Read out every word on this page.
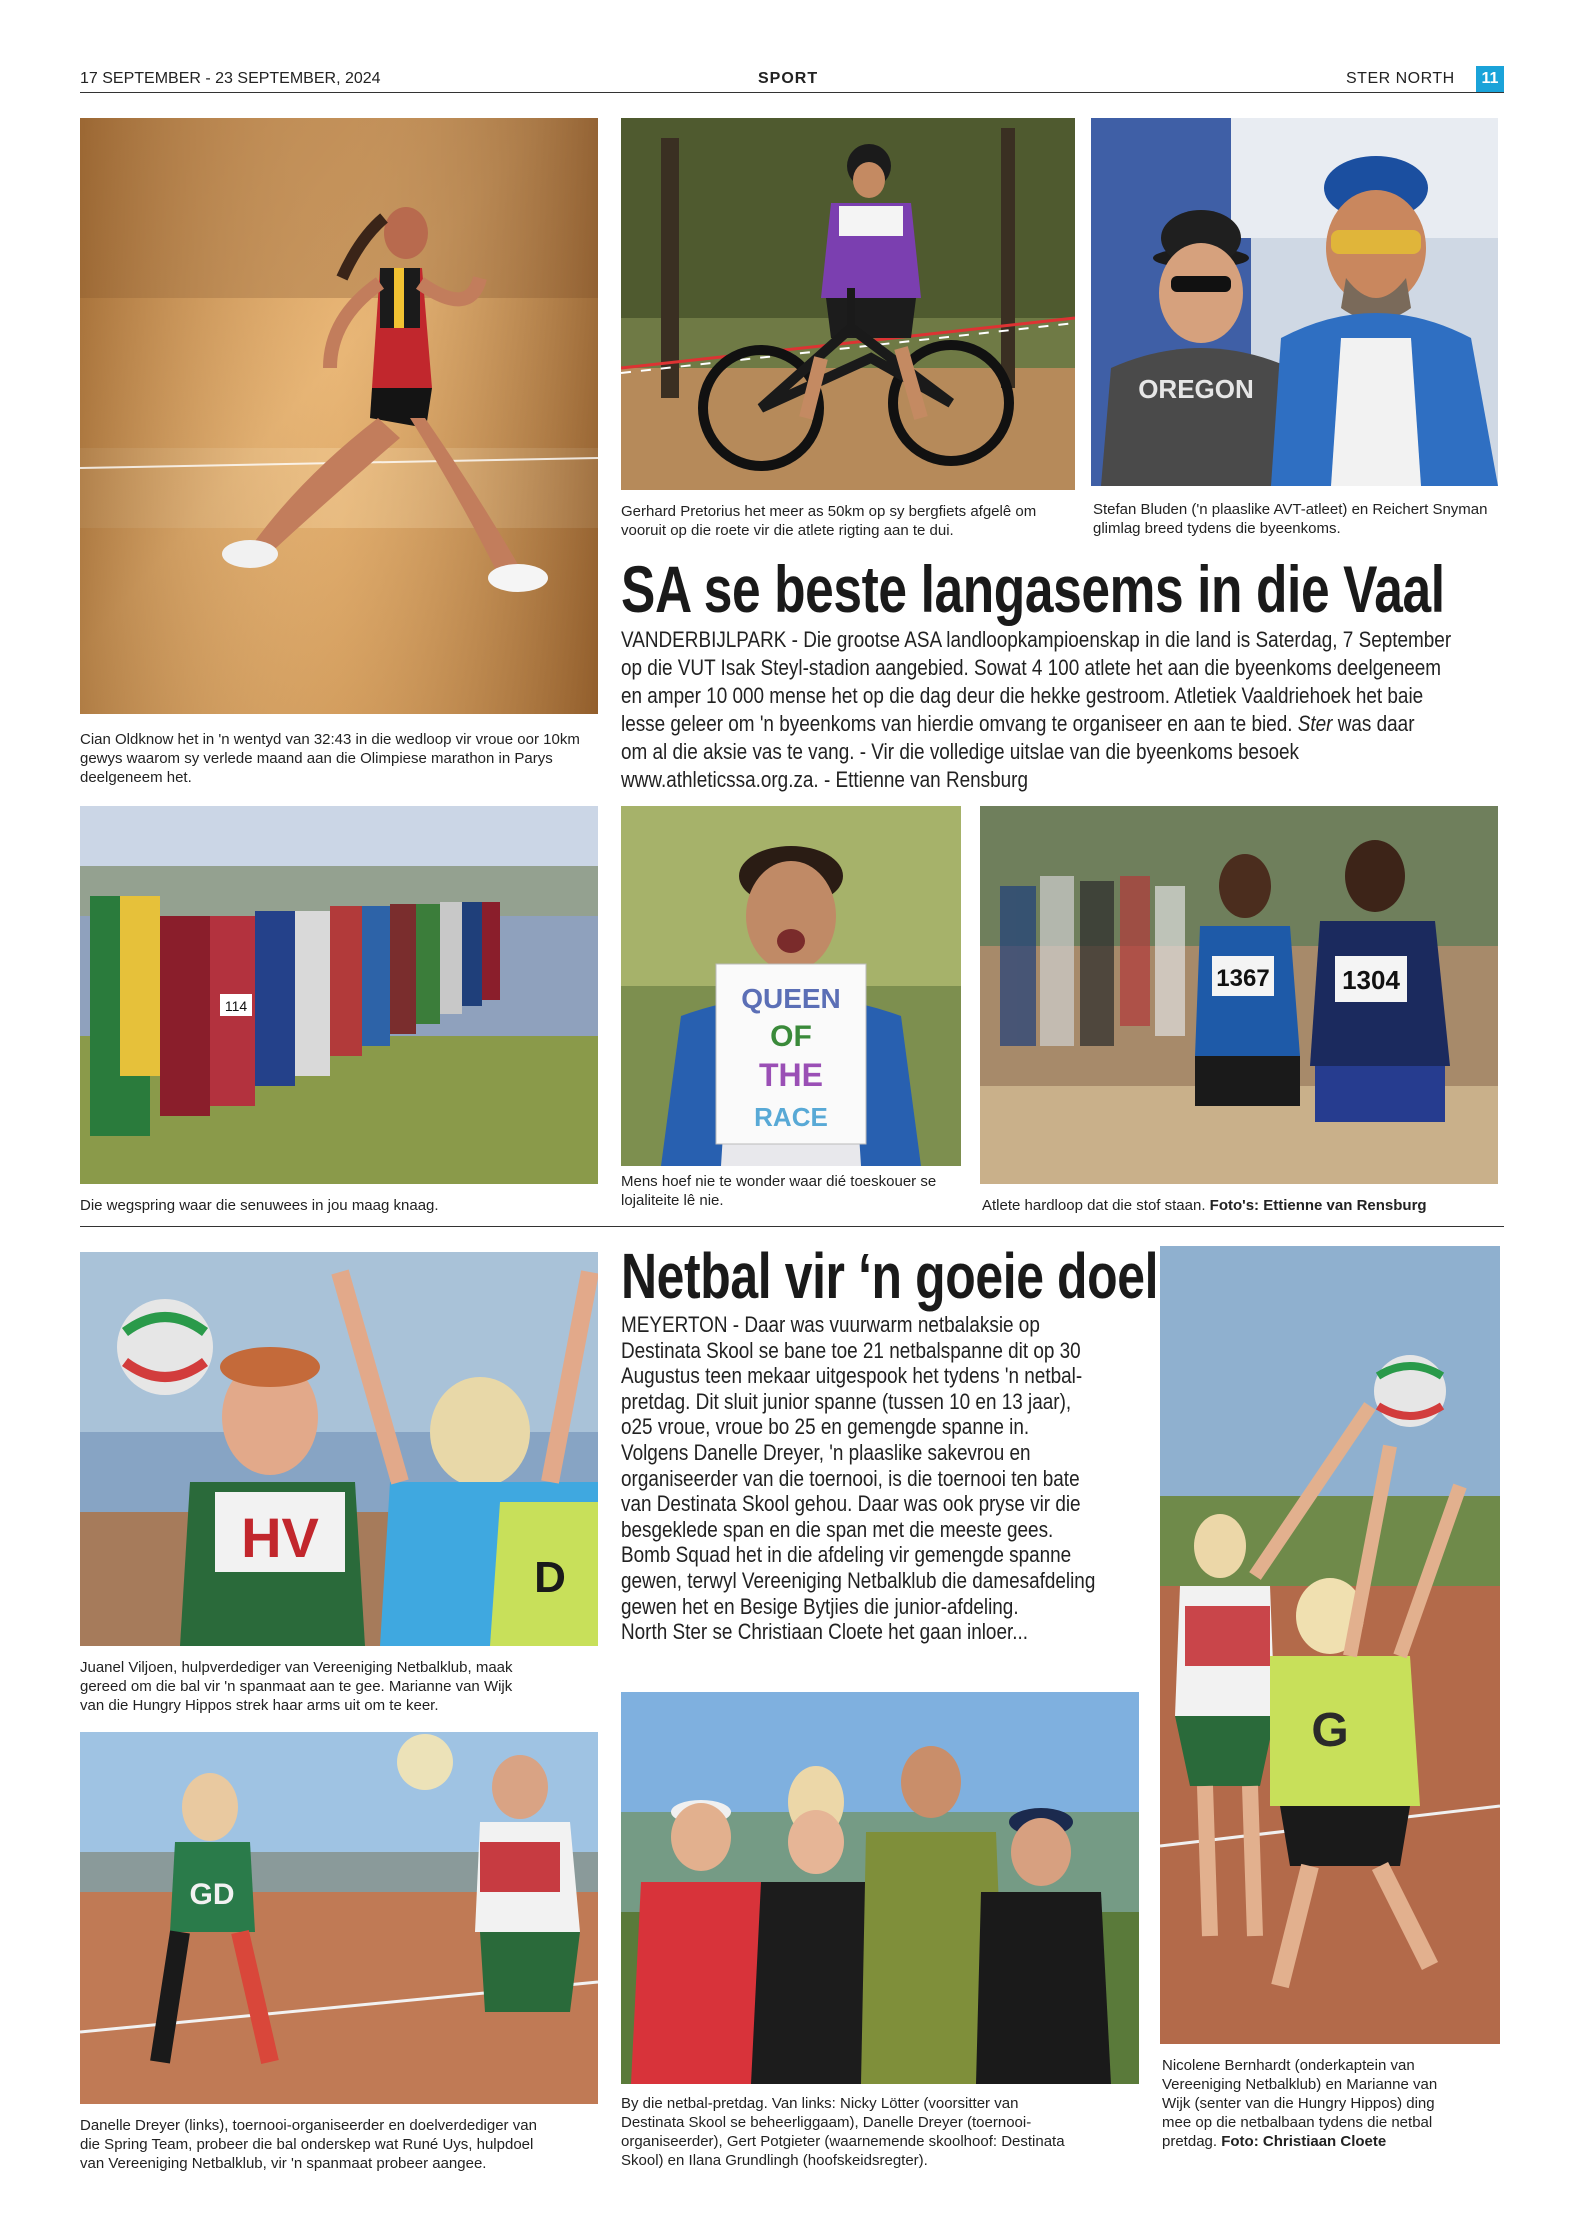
17 SEPTEMBER - 23 SEPTEMBER, 2024	SPORT	STER NORTH	11
Cian Oldknow het in 'n wentyd van 32:43 in die wedloop vir vroue oor 10km gewys waarom sy verlede maand aan die Olimpiese marathon in Parys deelgeneem het.
Gerhard Pretorius het meer as 50km op sy bergfiets afgelê om vooruit op die roete vir die atlete rigting aan te dui.
OREGON
Stefan Bluden ('n plaaslike AVT-atleet) en Reichert Snyman glimlag breed tydens die byeenkoms.
SA se beste langasems in die Vaal
VANDERBIJLPARK - Die grootse ASA landloopkampioenskap in die land is Saterdag, 7 September
op die VUT Isak Steyl-stadion aangebied. Sowat 4 100 atlete het aan die byeenkoms deelgeneem
en amper 10 000 mense het op die dag deur die hekke gestroom. Atletiek Vaaldriehoek het baie
lesse geleer om 'n byeenkoms van hierdie omvang te organiseer en aan te bied. Ster was daar
om al die aksie vas te vang. - Vir die volledige uitslae van die byeenkoms besoek
www.athleticssa.org.za. - Ettienne van Rensburg
114
Die wegspring waar die senuwees in jou maag knaag.
QUEEN
OF
THE
RACE
Mens hoef nie te wonder waar dié toeskouer se lojaliteite lê nie.
1367	1304
Atlete hardloop dat die stof staan. Foto's: Ettienne van Rensburg
HV
D
Juanel Viljoen, hulpverdediger van Vereeniging Netbalklub, maak
gereed om die bal vir 'n spanmaat aan te gee. Marianne van Wijk
van die Hungry Hippos strek haar arms uit om te keer.
GD
Danelle Dreyer (links), toernooi-organiseerder en doelverdediger van
die Spring Team, probeer die bal onderskep wat Runé Uys, hulpdoel
van Vereeniging Netbalklub, vir 'n spanmaat probeer aangee.
Netbal vir ‘n goeie doel
MEYERTON - Daar was vuurwarm netbalaksie op
Destinata Skool se bane toe 21 netbalspanne dit op 30
Augustus teen mekaar uitgespook het tydens 'n netbal-
pretdag. Dit sluit junior spanne (tussen 10 en 13 jaar),
o25 vroue, vroue bo 25 en gemengde spanne in.
Volgens Danelle Dreyer, 'n plaaslike sakevrou en
organiseerder van die toernooi, is die toernooi ten bate
van Destinata Skool gehou. Daar was ook pryse vir die
besgeklede span en die span met die meeste gees.
Bomb Squad het in die afdeling vir gemengde spanne
gewen, terwyl Vereeniging Netbalklub die damesafdeling
gewen het en Besige Bytjies die junior-afdeling.
North Ster se Christiaan Cloete het gaan inloer...
By die netbal-pretdag. Van links: Nicky Lötter (voorsitter van
Destinata Skool se beheerliggaam), Danelle Dreyer (toernooi-
organiseerder), Gert Potgieter (waarnemende skoolhoof: Destinata
Skool) en Ilana Grundlingh (hoofskeidsregter).
G
Nicolene Bernhardt (onderkaptein van
Vereeniging Netbalklub) en Marianne van
Wijk (senter van die Hungry Hippos) ding
mee op die netbalbaan tydens die netbal
pretdag. Foto: Christiaan Cloete
